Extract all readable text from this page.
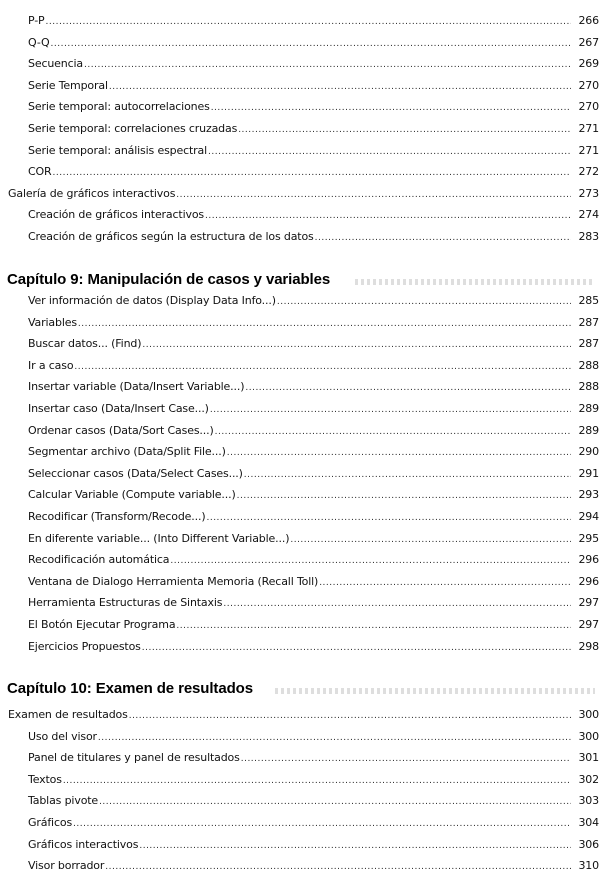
P-P .....	266
Q-Q .....	267
Secuencia .....	269
Serie Temporal .....	270
Serie temporal: autocorrelaciones .....	270
Serie temporal: correlaciones cruzadas .....	271
Serie temporal: análisis espectral .....	271
COR .....	272
Galería de gráficos interactivos .....	273
Creación de gráficos interactivos .....	274
Creación de gráficos según la estructura de los datos .....	283
Capítulo 9: Manipulación de casos y variables
Ver información de datos (Display Data Info...) .....	285
Variables .....	287
Buscar datos... (Find) .....	287
Ir a caso .....	288
Insertar variable (Data/Insert Variable...) .....	288
Insertar caso (Data/Insert Case...) .....	289
Ordenar casos (Data/Sort Cases...) .....	289
Segmentar archivo (Data/Split File...) .....	290
Seleccionar casos (Data/Select Cases...) .....	291
Calcular Variable (Compute variable...) .....	293
Recodificar (Transform/Recode...) .....	294
En diferente variable... (Into Different Variable...) .....	295
Recodificación automática .....	296
Ventana de Dialogo Herramienta Memoria (Recall Toll) .....	296
Herramienta Estructuras de Sintaxis .....	297
El Botón Ejecutar Programa .....	297
Ejercicios Propuestos .....	298
Capítulo 10: Examen de resultados
Examen de resultados .....	300
Uso del visor .....	300
Panel de titulares y panel de resultados .....	301
Textos .....	302
Tablas pivote .....	303
Gráficos .....	304
Gráficos interactivos .....	306
Visor borrador .....	310
